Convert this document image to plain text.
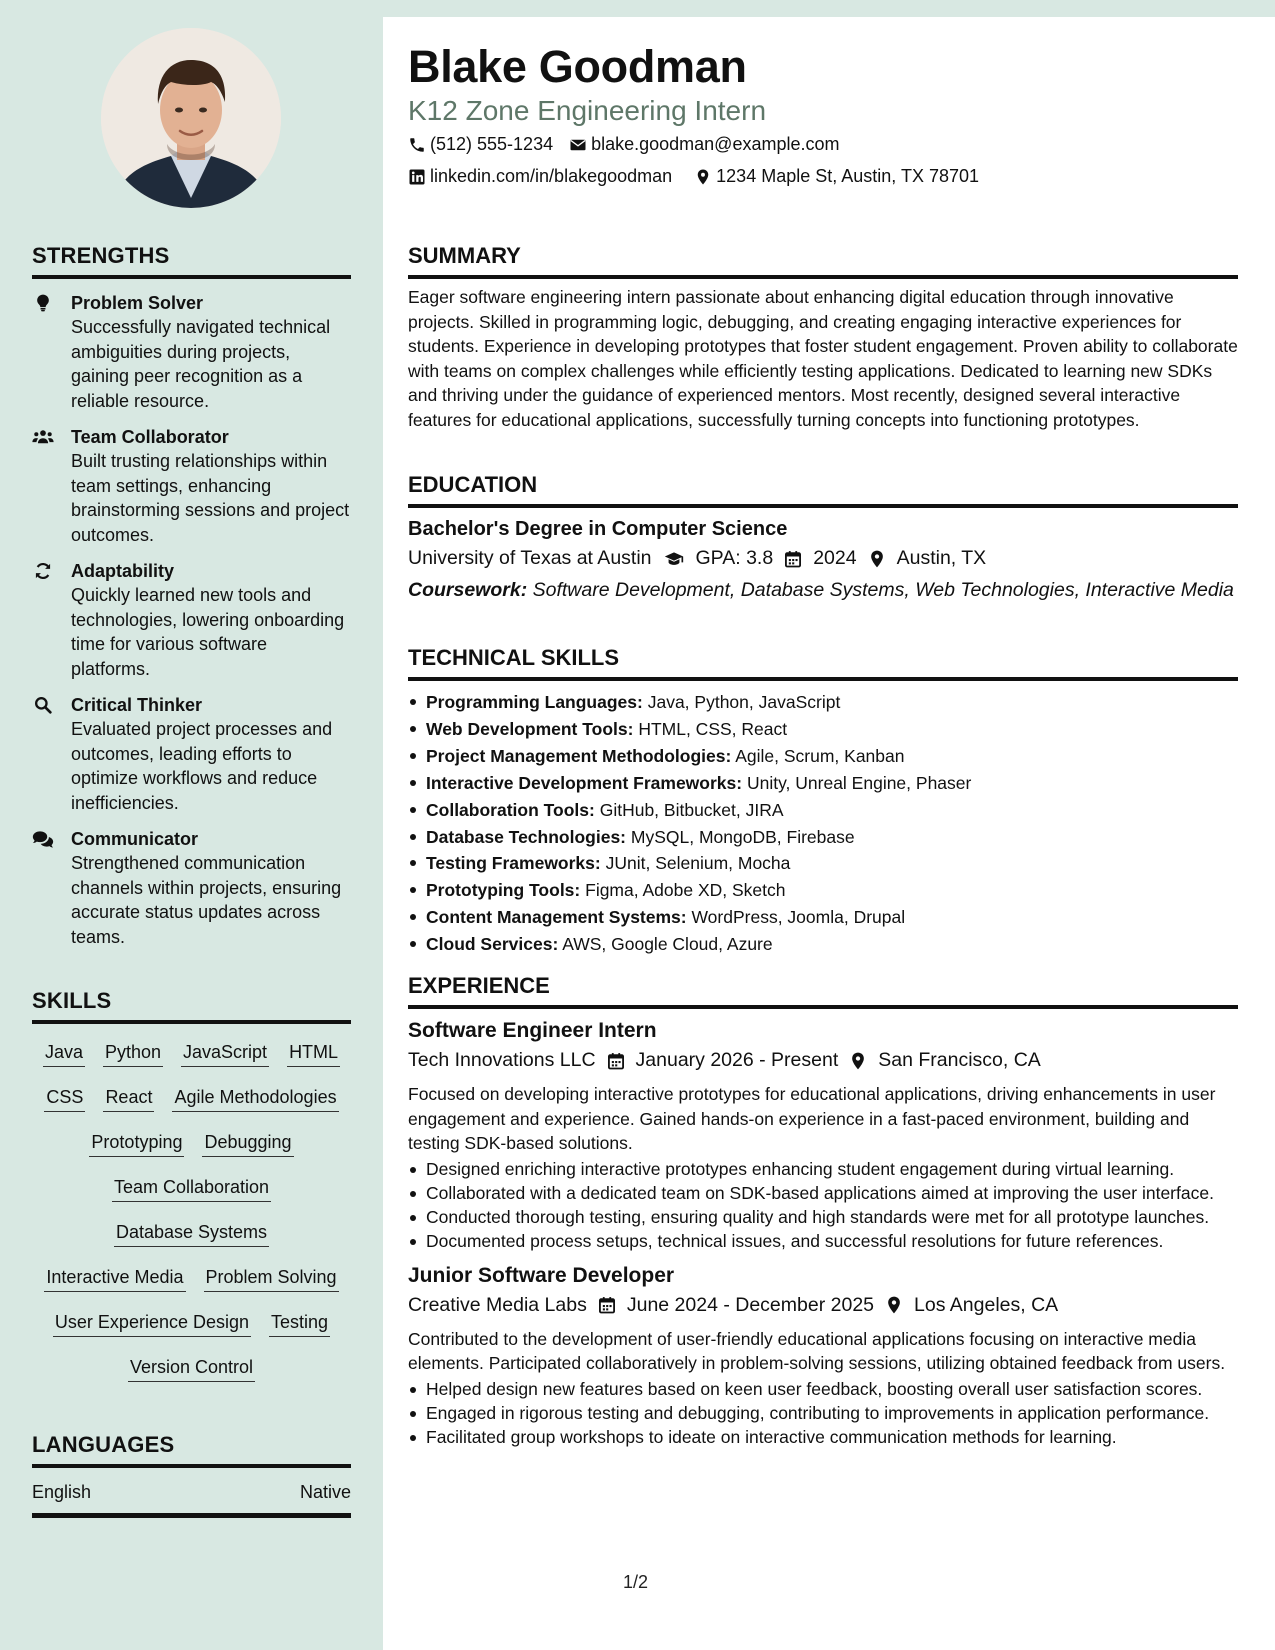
STRENGTHS
Problem Solver
Successfully navigated technical ambiguities during projects, gaining peer recognition as a reliable resource.
Team Collaborator
Built trusting relationships within team settings, enhancing brainstorming sessions and project outcomes.
Adaptability
Quickly learned new tools and technologies, lowering onboarding time for various software platforms.
Critical Thinker
Evaluated project processes and outcomes, leading efforts to optimize workflows and reduce inefficiencies.
Communicator
Strengthened communication channels within projects, ensuring accurate status updates across teams.
SKILLS
Java Python JavaScript HTML
CSS React Agile Methodologies
Prototyping Debugging
Team Collaboration
Database Systems
Interactive Media Problem Solving
User Experience Design Testing
Version Control
LANGUAGES
English	Native
Blake Goodman
K12 Zone Engineering Intern
(512) 555-1234 blake.goodman@example.com
linkedin.com/in/blakegoodman 1234 Maple St, Austin, TX 78701
SUMMARY
Eager software engineering intern passionate about enhancing digital education through innovative projects. Skilled in programming logic, debugging, and creating engaging interactive experiences for students. Experience in developing prototypes that foster student engagement. Proven ability to collaborate with teams on complex challenges while efficiently testing applications. Dedicated to learning new SDKs and thriving under the guidance of experienced mentors. Most recently, designed several interactive features for educational applications, successfully turning concepts into functioning prototypes.
EDUCATION
Bachelor's Degree in Computer Science
University of Texas at Austin GPA: 3.8 2024 Austin, TX
Coursework: Software Development, Database Systems, Web Technologies, Interactive Media
TECHNICAL SKILLS
Programming Languages: Java, Python, JavaScript
Web Development Tools: HTML, CSS, React
Project Management Methodologies: Agile, Scrum, Kanban
Interactive Development Frameworks: Unity, Unreal Engine, Phaser
Collaboration Tools: GitHub, Bitbucket, JIRA
Database Technologies: MySQL, MongoDB, Firebase
Testing Frameworks: JUnit, Selenium, Mocha
Prototyping Tools: Figma, Adobe XD, Sketch
Content Management Systems: WordPress, Joomla, Drupal
Cloud Services: AWS, Google Cloud, Azure
EXPERIENCE
Software Engineer Intern
Tech Innovations LLC January 2026 - Present San Francisco, CA
Focused on developing interactive prototypes for educational applications, driving enhancements in user engagement and experience. Gained hands-on experience in a fast-paced environment, building and testing SDK-based solutions.
Designed enriching interactive prototypes enhancing student engagement during virtual learning.
Collaborated with a dedicated team on SDK-based applications aimed at improving the user interface.
Conducted thorough testing, ensuring quality and high standards were met for all prototype launches.
Documented process setups, technical issues, and successful resolutions for future references.
Junior Software Developer
Creative Media Labs June 2024 - December 2025 Los Angeles, CA
Contributed to the development of user-friendly educational applications focusing on interactive media elements. Participated collaboratively in problem-solving sessions, utilizing obtained feedback from users.
Helped design new features based on keen user feedback, boosting overall user satisfaction scores.
Engaged in rigorous testing and debugging, contributing to improvements in application performance.
Facilitated group workshops to ideate on interactive communication methods for learning.
1/2
